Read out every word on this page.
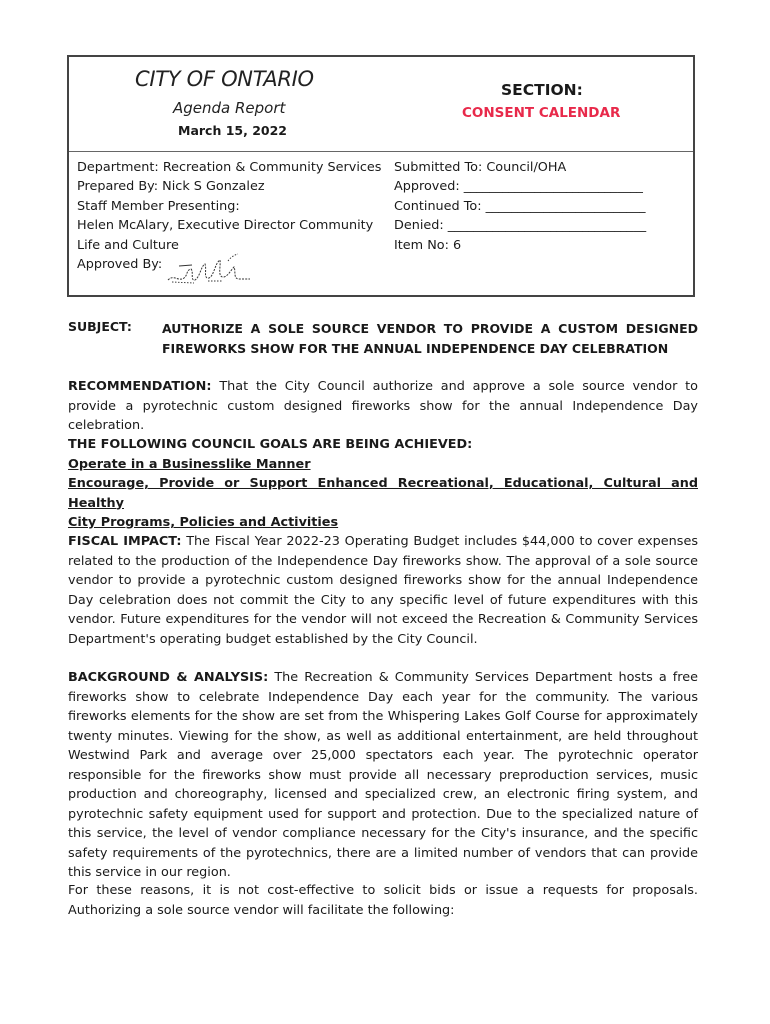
CITY OF ONTARIO
Agenda Report
March 15, 2022
SECTION:
CONSENT CALENDAR
Department: Recreation & Community Services
Prepared By: Nick S Gonzalez
Staff Member Presenting:
Helen McAlary, Executive Director Community
Life and Culture
Approved By:
Submitted To: Council/OHA
Approved: ____________________________
Continued To: _________________________
Denied: _______________________________
Item No: 6
SUBJECT: AUTHORIZE A SOLE SOURCE VENDOR TO PROVIDE A CUSTOM DESIGNED
FIREWORKS SHOW FOR THE ANNUAL INDEPENDENCE DAY CELEBRATION
RECOMMENDATION: That the City Council authorize and approve a sole source vendor to provide a pyrotechnic custom designed fireworks show for the annual Independence Day celebration.
THE FOLLOWING COUNCIL GOALS ARE BEING ACHIEVED:
Operate in a Businesslike Manner
Encourage, Provide or Support Enhanced Recreational, Educational, Cultural and Healthy
City Programs, Policies and Activities
FISCAL IMPACT: The Fiscal Year 2022-23 Operating Budget includes $44,000 to cover expenses related to the production of the Independence Day fireworks show. The approval of a sole source vendor to provide a pyrotechnic custom designed fireworks show for the annual Independence Day celebration does not commit the City to any specific level of future expenditures with this vendor. Future expenditures for the vendor will not exceed the Recreation & Community Services Department's operating budget established by the City Council.
BACKGROUND & ANALYSIS: The Recreation & Community Services Department hosts a free fireworks show to celebrate Independence Day each year for the community. The various fireworks elements for the show are set from the Whispering Lakes Golf Course for approximately twenty minutes. Viewing for the show, as well as additional entertainment, are held throughout Westwind Park and average over 25,000 spectators each year. The pyrotechnic operator responsible for the fireworks show must provide all necessary preproduction services, music production and choreography, licensed and specialized crew, an electronic firing system, and pyrotechnic safety equipment used for support and protection. Due to the specialized nature of this service, the level of vendor compliance necessary for the City's insurance, and the specific safety requirements of the pyrotechnics, there are a limited number of vendors that can provide this service in our region.
For these reasons, it is not cost-effective to solicit bids or issue a requests for proposals. Authorizing a sole source vendor will facilitate the following:
